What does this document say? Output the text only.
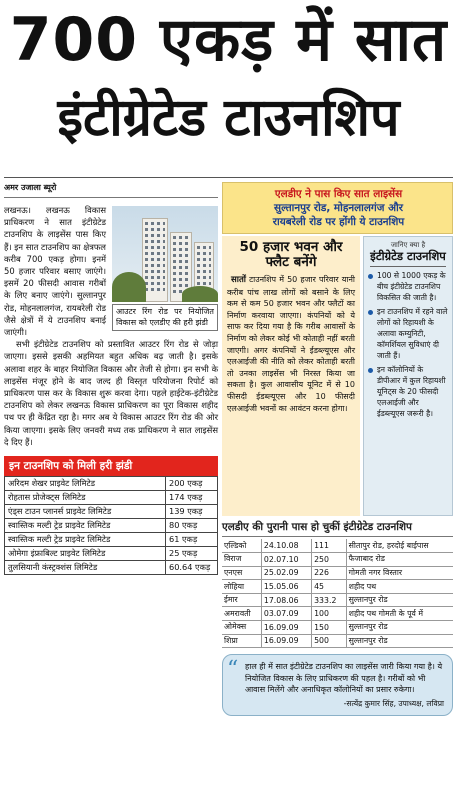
700 एकड़ में सात
इंटीग्रेटेड टाउनशिप
अमर उजाला ब्यूरो
आउटर रिंग रोड पर नियोजित विकास को एलडीए की हरी झंडी

लखनऊ। लखनऊ विकास प्राधिकरण ने सात इंटीग्रेटेड टाउनशिप के लाइसेंस पास किए हैं। इन सात टाउनशिप का क्षेत्रफल करीब 700 एकड़ होगा। इनमें 50 हजार परिवार बसाए जाएंगे। इसमें 20 फीसदी आवास गरीबों के लिए बनाए जाएंगे। सुल्तानपुर रोड, मोहनलालगंज, रायबरेली रोड जैसे क्षेत्रों में ये टाउनशिप बनाई जाएंगी।

सभी इंटीग्रेटेड टाउनशिप को प्रस्तावित आउटर रिंग रोड से जोड़ा जाएगा। इससे इसकी अहमियत बहुत अधिक बढ़ जाती है। इसके अलावा शहर के बाहर नियोजित विकास और तेजी से होगा। इन सभी के लाइसेंस मंजूर होने के बाद जल्द ही विस्तृत परियोजना रिपोर्ट को प्राधिकरण पास कर के विकास शुरू करवा देगा। पहले हाईटेक-इंटीग्रेटेड टाउनशिप को लेकर लखनऊ विकास प्राधिकरण का पूरा विकास शहीद पथ पर ही केंद्रित रहा है। मगर अब ये विकास आउटर रिंग रोड की ओर किया जाएगा। इसके लिए जनवरी मध्य तक प्राधिकरण ने सात लाइसेंस दे दिए हैं।

इन टाउनशिप को मिली हरी झंडी
अरिदम शेखर प्राइवेट लिमिटेड	200 एकड़
रोहतास प्रोजेक्ट्स लिमिटेड	174 एकड़
एंड्स टाउन प्लानर्स प्राइवेट लिमिटेड	139 एकड़
स्वास्तिक मल्टी ट्रेड प्राइवेट लिमिटेड	80 एकड़
स्वास्तिक मल्टी ट्रेड प्राइवेट लिमिटेड	61 एकड़
ओमेगा इंफ्राबिल्ट प्राइवेट लिमिटेड	25 एकड़
तुलसियानी कंस्ट्रक्शंस लिमिटेड	60.64 एकड़
एलडीए ने पास किए सात लाइसेंस
सुल्तानपुर रोड, मोहनलालगंज और
रायबरेली रोड पर होंगी ये टाउनशिप
50 हजार भवन और फ्लैट बनेंगे

सातों टाउनशिप में 50 हजार परिवार यानी करीब पांच लाख लोगों को बसाने के लिए कम से कम 50 हजार भवन और फ्लैटों का निर्माण करवाया जाएगा। कंपनियों को ये साफ कर दिया गया है कि गरीब आवासों के निर्माण को लेकर कोई भी कोताही नहीं बरती जाएगी। अगर कंपनियों ने ईडब्ल्यूएस और एलआईजी की नीति को लेकर कोताही बरती तो उनका लाइसेंस भी निरस्त किया जा सकता है। कुल आवासीय यूनिट में से 10 फीसदी ईडब्ल्यूएस और 10 फीसदी एलआईजी भवनों का आवंटन करना होगा।

जानिए क्या है
इंटीग्रेटेड टाउनशिप
100 से 1000 एकड़ के बीच इंटीग्रेटेड टाउनशिप विकसित की जाती है।
इन टाउनशिप में रहने वाले लोगों को रिहायशी के अलावा कम्युनिटी, कॉमर्शियल सुविधाएं दी जाती हैं।
इन कॉलोनियों के डीपीआर में कुल रिहायशी यूनिट्स के 20 फीसदी एलआईजी और ईडब्ल्यूएस जरूरी है।
एलडीए की पुरानी पास हो चुकीं इंटीग्रेटेड टाउनशिप
एल्डिको	24.10.08	111	सीतापुर रोड, हरदोई बाईपास
विराज	02.07.10	250	फैजाबाद रोड
एनएस	25.02.09	226	गोमती नगर विस्तार
लोहिया	15.05.06	45	शहीद पथ
ईमार	17.08.06	333.2	सुल्तानपुर रोड
अमरावती	03.07.09	100	शहीद पथ गोमती के पूर्व में
ओमेक्स	16.09.09	150	सुल्तानपुर रोड
शिप्रा	16.09.09	500	सुल्तानपुर रोड
“ हाल ही में सात इंटीग्रेटेड टाउनशिप का लाइसेंस जारी किया गया है। ये नियोजित विकास के लिए प्राधिकरण की पहल है। गरीबों को भी आवास मिलेंगे और अनाधिकृत कॉलोनियों का प्रसार रुकेगा।
-सत्येंद्र कुमार सिंह, उपाध्यक्ष, लविप्रा
